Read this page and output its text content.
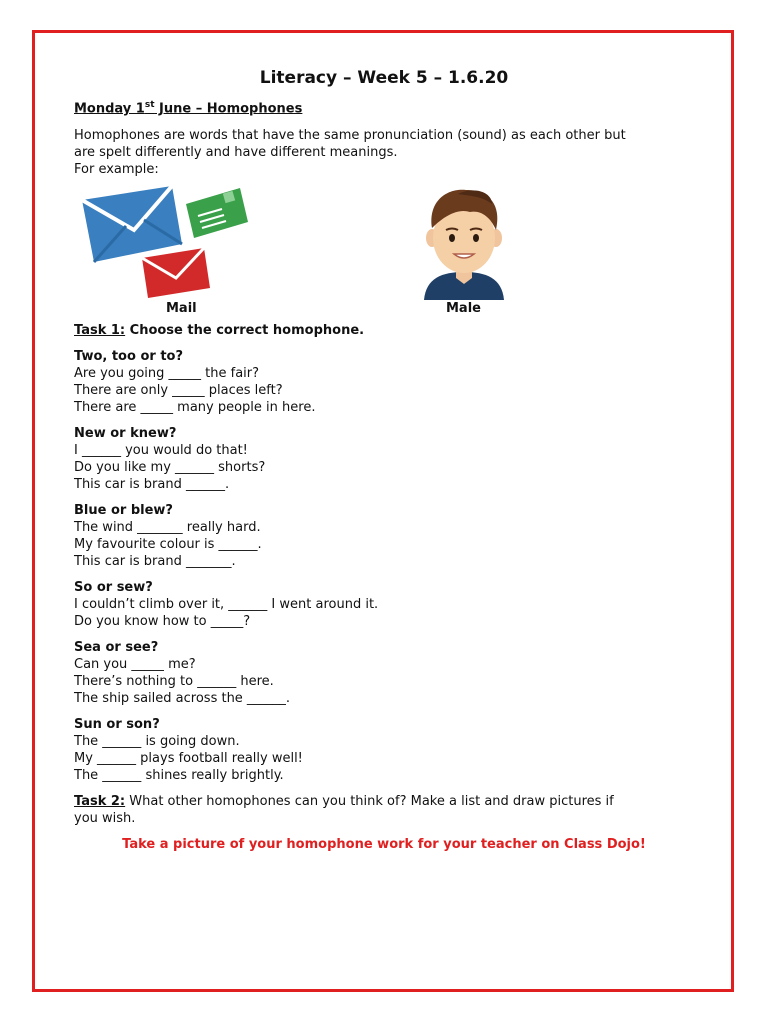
Literacy – Week 5 – 1.6.20
Monday 1st June – Homophones

Homophones are words that have the same pronunciation (sound) as each other but

are spelt differently and have different meanings.

For example:

Mail	Male

Task 1: Choose the correct homophone.

Two, too or to?

Are you going _____ the fair?

There are only _____ places left?

There are _____ many people in here.

New or knew?

I ______ you would do that!

Do you like my ______ shorts?

This car is brand ______.

Blue or blew?

The wind _______ really hard.

My favourite colour is ______.

This car is brand _______.

So or sew?

I couldn’t climb over it, ______ I went around it.

Do you know how to _____?

Sea or see?

Can you _____ me?

There’s nothing to ______ here.

The ship sailed across the ______.

Sun or son?

The ______ is going down.

My ______ plays football really well!

The ______ shines really brightly.

Task 2: What other homophones can you think of? Make a list and draw pictures if

you wish.

Take a picture of your homophone work for your teacher on Class Dojo!
